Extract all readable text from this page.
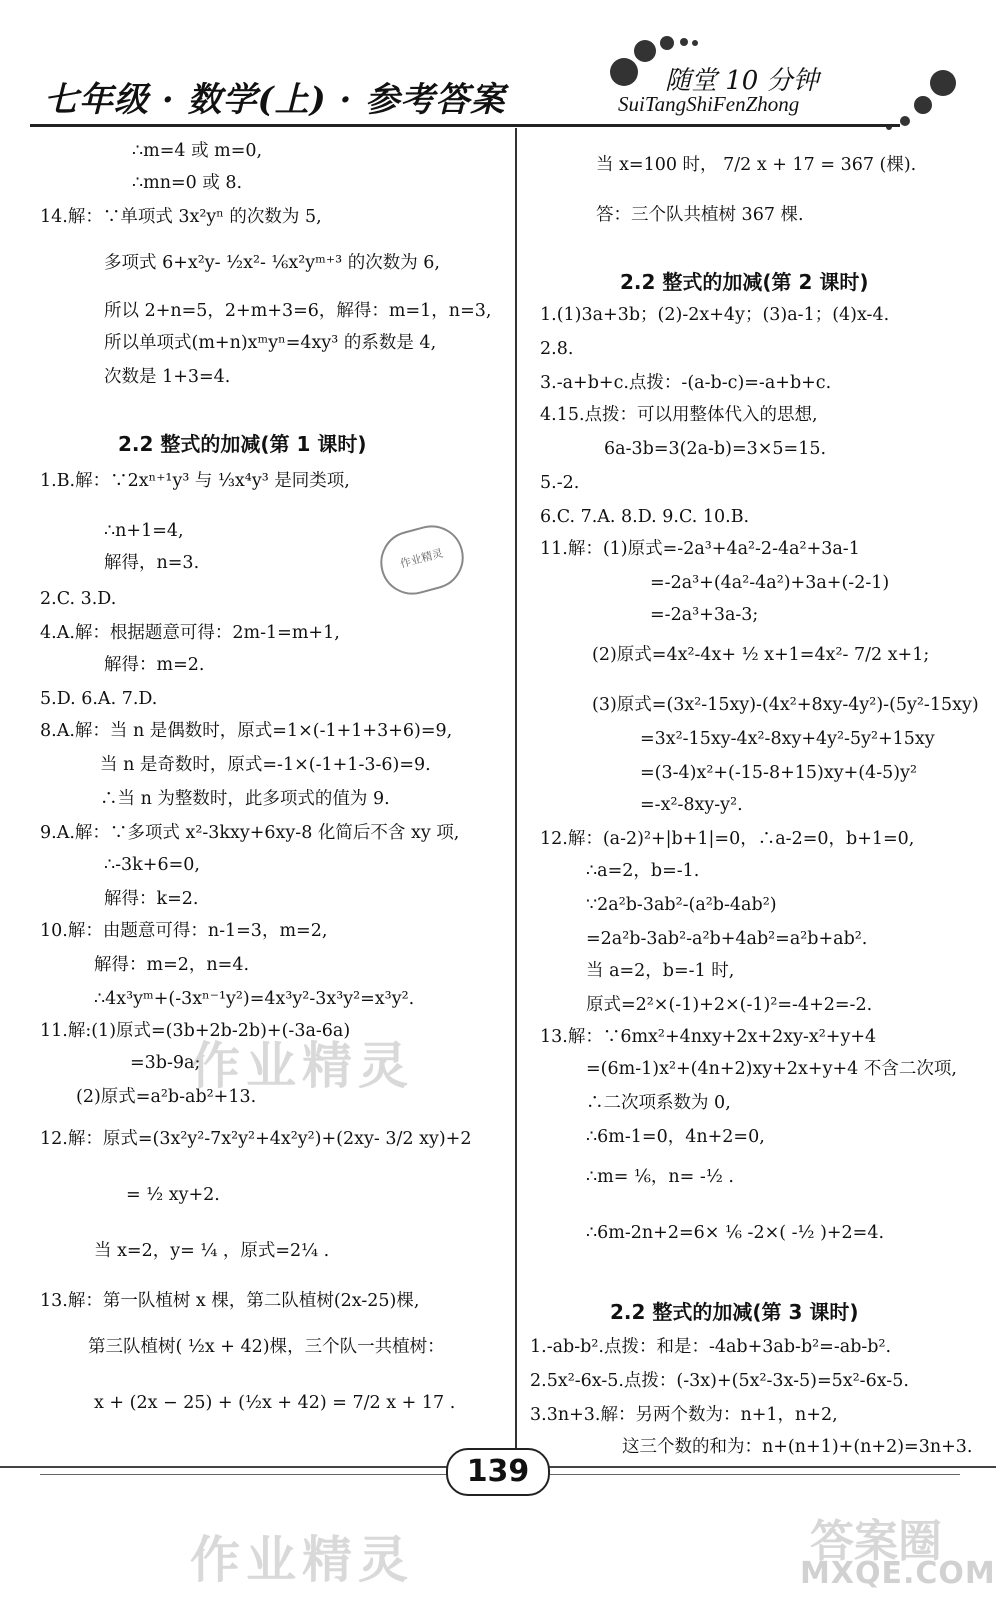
七年级 · 数学(上) · 参考答案	随堂 10 分钟
SuiTangShiFenZhong
∴m=4 或 m=0,
∴mn=0 或 8.
14.解：∵单项式 3x²yⁿ 的次数为 5,
多项式 6+x²y- ½x²- ⅙x²yᵐ⁺³ 的次数为 6,
所以 2+n=5，2+m+3=6，解得：m=1，n=3,
所以单项式(m+n)xᵐyⁿ=4xy³ 的系数是 4,
次数是 1+3=4.
1.B.解：∵2xⁿ⁺¹y³ 与 ⅓x⁴y³ 是同类项,
∴n+1=4,
解得，n=3.
2.C. 3.D.
4.A.解：根据题意可得：2m-1=m+1,
解得：m=2.
5.D. 6.A. 7.D.
8.A.解：当 n 是偶数时，原式=1×(-1+1+3+6)=9,
当 n 是奇数时，原式=-1×(-1+1-3-6)=9.
∴当 n 为整数时，此多项式的值为 9.
9.A.解：∵多项式 x²-3kxy+6xy-8 化简后不含 xy 项,
∴-3k+6=0,
解得：k=2.
10.解：由题意可得：n-1=3，m=2,
解得：m=2，n=4.
∴4x³yᵐ+(-3xⁿ⁻¹y²)=4x³y²-3x³y²=x³y².
11.解:(1)原式=(3b+2b-2b)+(-3a-6a)
=3b-9a;
(2)原式=a²b-ab²+13.
12.解：原式=(3x²y²-7x²y²+4x²y²)+(2xy- 3/2 xy)+2
= ½ xy+2.
当 x=2，y= ¼ ，原式=2¼ .
13.解：第一队植树 x 棵，第二队植树(2x-25)棵,
第三队植树( ½x + 42)棵，三个队一共植树：
x + (2x − 25) + (½x + 42) = 7/2 x + 17 .
2.2 整式的加减(第 1 课时)
当 x=100 时， 7/2 x + 17 = 367 (棵).
答：三个队共植树 367 棵.
1.(1)3a+3b；(2)-2x+4y；(3)a-1；(4)x-4.
2.8.
3.-a+b+c.点拨：-(a-b-c)=-a+b+c.
4.15.点拨：可以用整体代入的思想,
6a-3b=3(2a-b)=3×5=15.
5.-2.
6.C. 7.A. 8.D. 9.C. 10.B.
11.解：(1)原式=-2a³+4a²-2-4a²+3a-1
=-2a³+(4a²-4a²)+3a+(-2-1)
=-2a³+3a-3;
(2)原式=4x²-4x+ ½ x+1=4x²- 7/2 x+1;
(3)原式=(3x²-15xy)-(4x²+8xy-4y²)-(5y²-15xy)
=3x²-15xy-4x²-8xy+4y²-5y²+15xy
=(3-4)x²+(-15-8+15)xy+(4-5)y²
=-x²-8xy-y².
12.解：(a-2)²+|b+1|=0，∴a-2=0，b+1=0,
∴a=2，b=-1.
∵2a²b-3ab²-(a²b-4ab²)
=2a²b-3ab²-a²b+4ab²=a²b+ab².
当 a=2，b=-1 时,
原式=2²×(-1)+2×(-1)²=-4+2=-2.
13.解：∵6mx²+4nxy+2x+2xy-x²+y+4
=(6m-1)x²+(4n+2)xy+2x+y+4 不含二次项,
∴二次项系数为 0,
∴6m-1=0，4n+2=0,
∴m= ⅙，n= -½ .
∴6m-2n+2=6× ⅙ -2×( -½ )+2=4.
1.-ab-b².点拨：和是：-4ab+3ab-b²=-ab-b².
2.5x²-6x-5.点拨：(-3x)+(5x²-3x-5)=5x²-6x-5.
3.3n+3.解：另两个数为：n+1，n+2,
这三个数的和为：n+(n+1)+(n+2)=3n+3.
2.2 整式的加减(第 2 课时)
2.2 整式的加减(第 3 课时)
作业精灵
作业精灵
作业精灵	答案圈
MXQE.COM
139
